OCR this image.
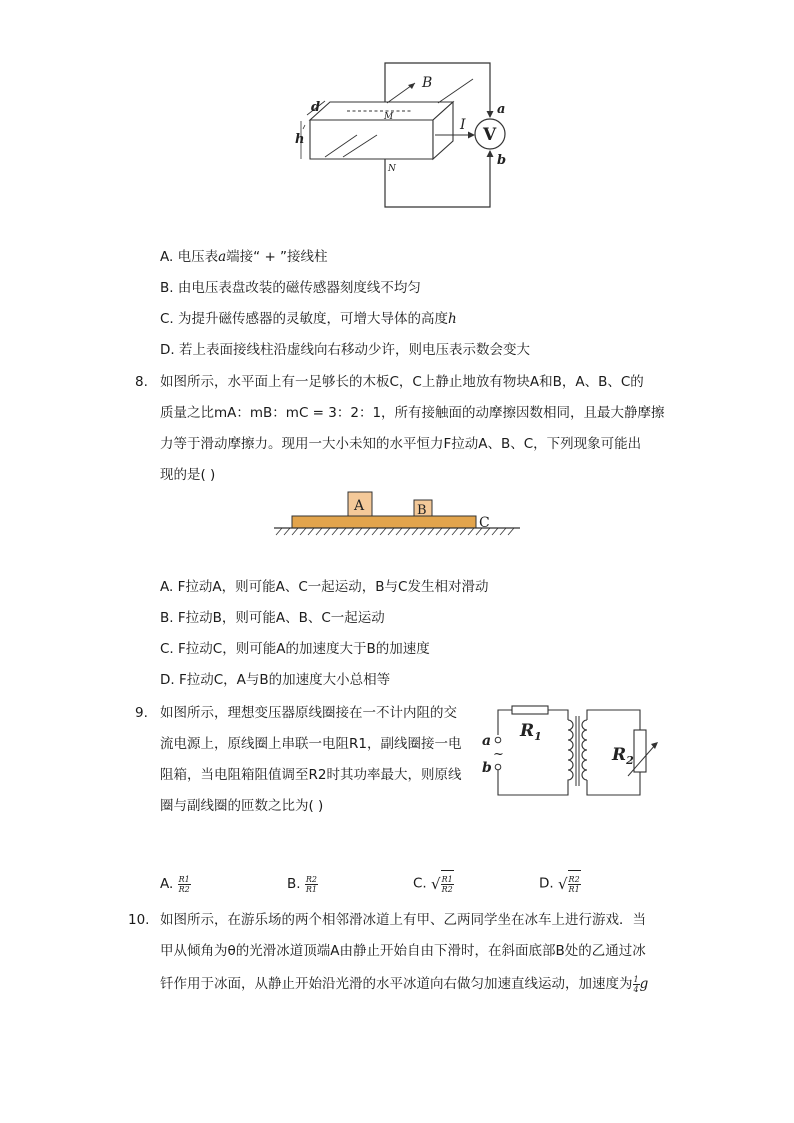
B
I V
a
b
d
h
M
N
A. 电压表a端接“ + ”接线柱
B. 由电压表盘改装的磁传感器刻度线不均匀
C. 为提升磁传感器的灵敏度，可增大导体的高度h
D. 若上表面接线柱沿虚线向右移动少许，则电压表示数会变大
8. 如图所示，水平面上有一足够长的木板C，C上静止地放有物块A和B，A、B、C的
质量之比mA：mB：mC = 3：2：1，所有接触面的动摩擦因数相同，且最大静摩擦
力等于滑动摩擦力。现用一大小未知的水平恒力F拉动A、B、C，下列现象可能出
现的是( )
A	B
C
A. F拉动A，则可能A、C一起运动，B与C发生相对滑动
B. F拉动B，则可能A、B、C一起运动
C. F拉动C，则可能A的加速度大于B的加速度
D. F拉动C，A与B的加速度大小总相等
9. 如图所示，理想变压器原线圈接在一不计内阻的交
流电源上，原线圈上串联一电阻R1，副线圈接一电
阻箱，当电阻箱阻值调至R2时其功率最大，则原线
圈与副线圈的匝数之比为( )
$R_1$
$R_2$
a
b
~
A. $\frac{R1}{R2}$	B. $\frac{R2}{R1}$	C. √ $\frac{R1}{R2}$	D. √ $\frac{R2}{R1}$
10. 如图所示，在游乐场的两个相邻滑冰道上有甲、乙两同学坐在冰车上进行游戏．当
甲从倾角为θ的光滑冰道顶端A由静止开始自由下滑时，在斜面底部B处的乙通过冰
钎作用于冰面，从静止开始沿光滑的水平冰道向右做匀加速直线运动，加速度为 $\frac{1}{4}$ g
